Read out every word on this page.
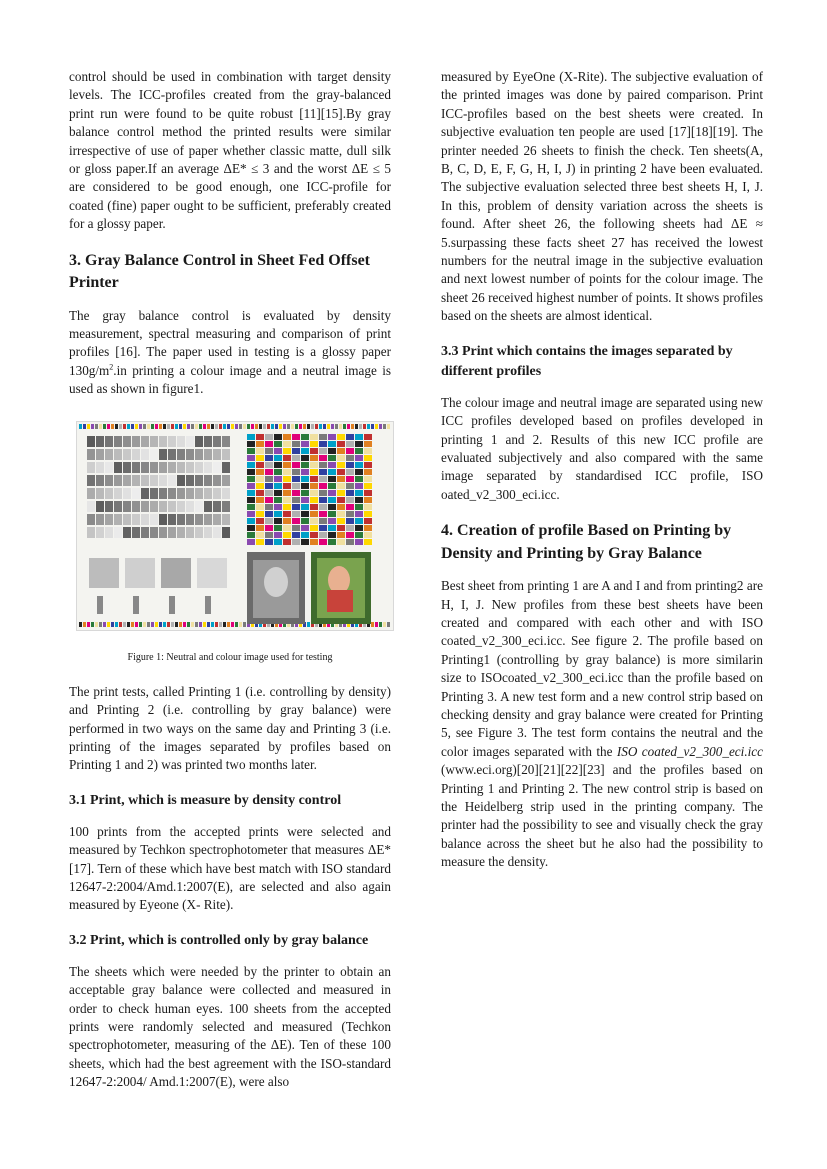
control should be used in combination with target density levels. The ICC-profiles created from the gray-balanced print run were found to be quite robust [11][15].By gray balance control method the printed results were similar irrespective of use of paper whether classic matte, dull silk or gloss paper.If an average ΔE* ≤ 3 and the worst ΔE ≤ 5 are considered to be good enough, one ICC-profile for coated (fine) paper ought to be sufficient, preferably created for a glossy paper.

3. Gray Balance Control in Sheet Fed Offset Printer

The gray balance control is evaluated by density measurement, spectral measuring and comparison of print profiles [16]. The paper used in testing is a glossy paper $130g/m^2.in$ printing a colour image and a neutral image is used as shown in figure1.

Figure 1: Neutral and colour image used for testing

The print tests, called Printing 1 (i.e. controlling by density) and Printing 2 (i.e. controlling by gray balance) were performed in two ways on the same day and Printing 3 (i.e. printing of the images separated by profiles based on Printing 1 and 2) was printed two months later.

3.1 Print, which is measure by density control

100 prints from the accepted prints were selected and measured by Techkon spectrophotometer that measures ΔE* [17]. Tern of these which have best match with ISO standard 12647-2:2004/Amd.1:2007(E), are selected and also again measured by Eyeone (X- Rite).

3.2 Print, which is controlled only by gray balance

The sheets which were needed by the printer to obtain an acceptable gray balance were collected and measured in order to check human eyes. 100 sheets from the accepted prints were randomly selected and measured (Techkon spectrophotometer, measuring of the ΔE). Ten of these 100 sheets, which had the best agreement with the ISO-standard 12647-2:2004/ Amd.1:2007(E), were also

measured by EyeOne (X-Rite). The subjective evaluation of the printed images was done by paired comparison. Print ICC-profiles based on the best sheets were created. In subjective evaluation ten people are used [17][18][19]. The printer needed 26 sheets to finish the check. Ten sheets(A, B, C, D, E, F, G, H, I, J) in printing 2 have been evaluated. The subjective evaluation selected three best sheets H, I, J. In this, problem of density variation across the sheets is found. After sheet 26, the following sheets had ΔE ≈ 5.surpassing these facts sheet 27 has received the lowest numbers for the neutral image in the subjective evaluation and next lowest number of points for the colour image. The sheet 26 received highest number of points. It shows profiles based on the sheets are almost identical.

3.3 Print which contains the images separated by different profiles

The colour image and neutral image are separated using new ICC profiles developed based on profiles developed in printing 1 and 2. Results of this new ICC profile are evaluated subjectively and also compared with the same image separated by standardised ICC profile, ISO oated_v2_300_eci.icc.

4. Creation of profile Based on Printing by Density and Printing by Gray Balance

Best sheet from printing 1 are A and I and from printing2 are H, I, J. New profiles from these best sheets have been created and compared with each other and with ISO coated_v2_300_eci.icc. See figure 2. The profile based on Printing1 (controlling by gray balance) is more similarin size to ISOcoated_v2_300_eci.icc than the profile based on Printing 3. A new test form and a new control strip based on checking density and gray balance were created for Printing 5, see Figure 3. The test form contains the neutral and the color images separated with the ISO coated_v2_300_eci.icc (www.eci.org)[20][21][22][23] and the profiles based on Printing 1 and Printing 2. The new control strip is based on the Heidelberg strip used in the printing company. The printer had the possibility to see and visually check the gray balance across the sheet but he also had the possibility to measure the density.
